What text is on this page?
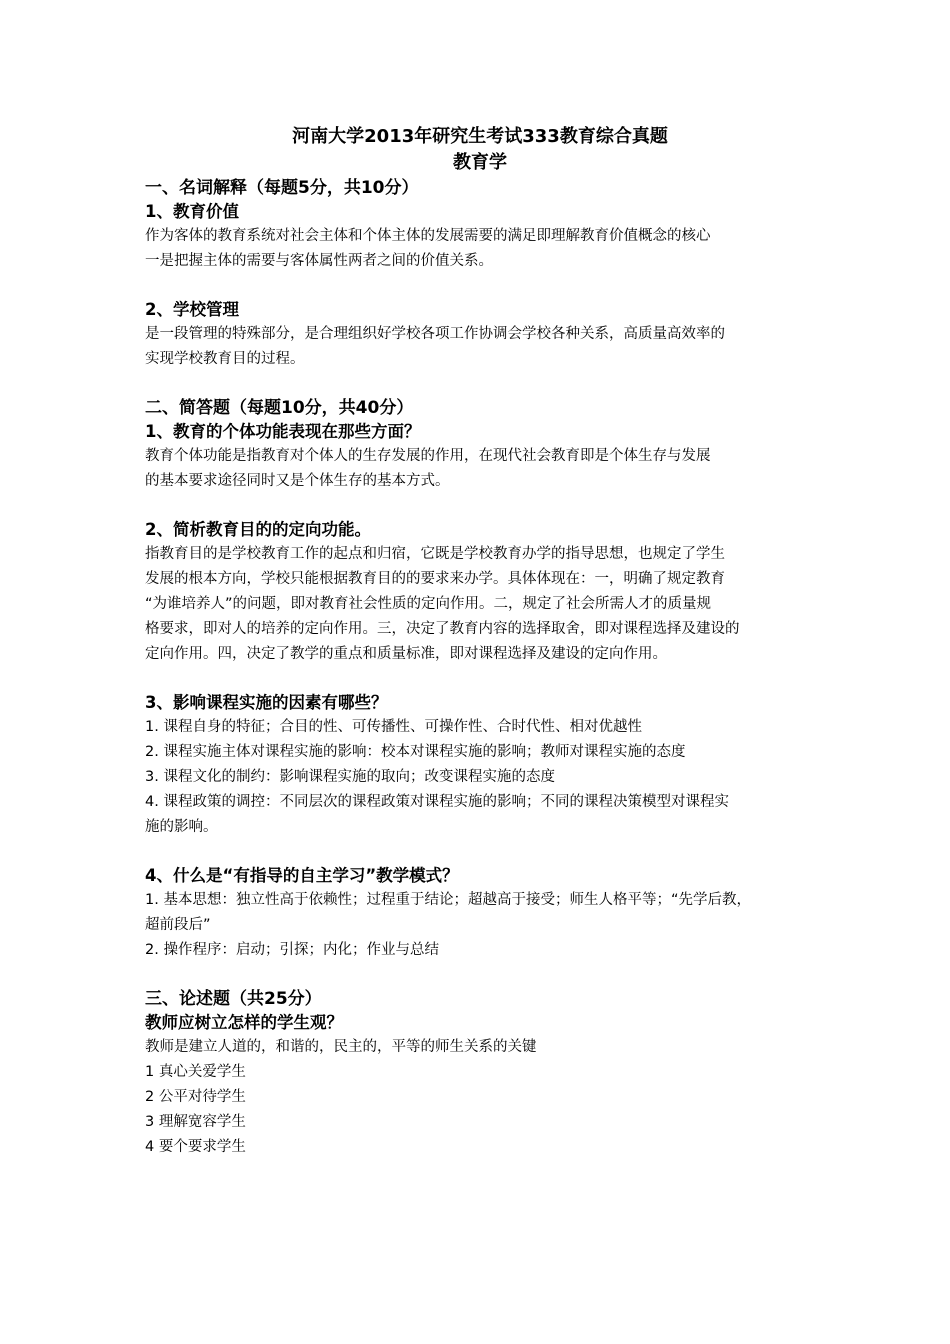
河南大学2013年研究生考试333教育综合真题

教育学

一、名词解释（每题5分，共10分）

1、教育价值

作为客体的教育系统对社会主体和个体主体的发展需要的满足即理解教育价值概念的核心

一是把握主体的需要与客体属性两者之间的价值关系。

2、学校管理

是一段管理的特殊部分，是合理组织好学校各项工作协调会学校各种关系，高质量高效率的

实现学校教育目的过程。

二、简答题（每题10分，共40分）

1、教育的个体功能表现在那些方面？

教育个体功能是指教育对个体人的生存发展的作用，在现代社会教育即是个体生存与发展

的基本要求途径同时又是个体生存的基本方式。

2、简析教育目的的定向功能。

指教育目的是学校教育工作的起点和归宿，它既是学校教育办学的指导思想，也规定了学生

发展的根本方向，学校只能根据教育目的的要求来办学。具体体现在：一，明确了规定教育

“为谁培养人”的问题，即对教育社会性质的定向作用。二，规定了社会所需人才的质量规

格要求，即对人的培养的定向作用。三，决定了教育内容的选择取舍，即对课程选择及建设的

定向作用。四，决定了教学的重点和质量标准，即对课程选择及建设的定向作用。

3、影响课程实施的因素有哪些？

1. 课程自身的特征；合目的性、可传播性、可操作性、合时代性、相对优越性

2. 课程实施主体对课程实施的影响：校本对课程实施的影响；教师对课程实施的态度

3. 课程文化的制约：影响课程实施的取向；改变课程实施的态度

4. 课程政策的调控：不同层次的课程政策对课程实施的影响；不同的课程决策模型对课程实

施的影响。

4、什么是“有指导的自主学习”教学模式？

1. 基本思想：独立性高于依赖性；过程重于结论；超越高于接受；师生人格平等；“先学后教，

超前段后”

2. 操作程序：启动；引探；内化；作业与总结

三、论述题（共25分）

教师应树立怎样的学生观？

教师是建立人道的，和谐的，民主的，平等的师生关系的关键

1 真心关爱学生

2 公平对待学生

3 理解宽容学生

4 要个要求学生
